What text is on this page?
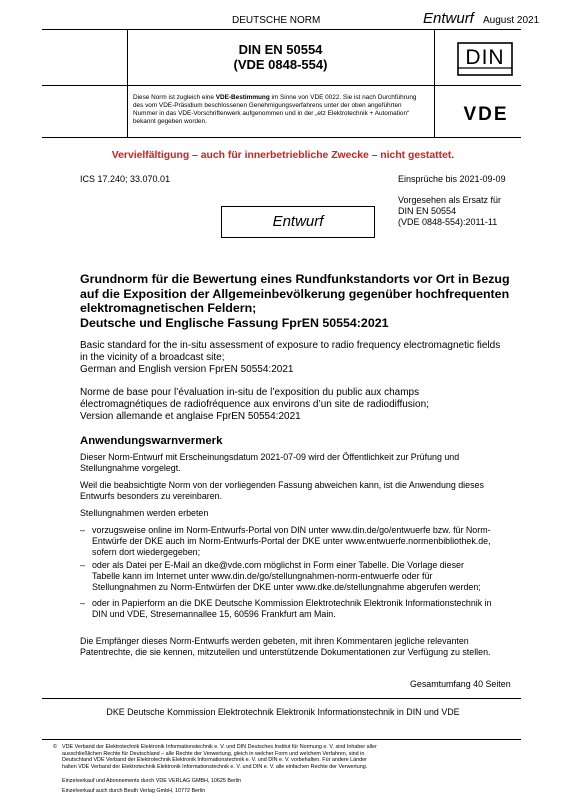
DEUTSCHE NORM	Entwurf August 2021
DIN EN 50554
(VDE 0848-554)	DIN
Diese Norm ist zugleich eine VDE-Bestimmung im Sinne von VDE 0022. Sie ist nach Durchführung des vom VDE-Präsidium beschlossenen Genehmigungsverfahrens unter der oben angeführten Nummer in das VDE-Vorschriftenwerk aufgenommen und in der „etz Elektrotechnik + Automation“ bekannt gegeben worden.	VDE
Vervielfältigung – auch für innerbetriebliche Zwecke – nicht gestattet.
ICS 17.240; 33.070.01	Einsprüche bis 2021-09-09
Vorgesehen als Ersatz für
DIN EN 50554
(VDE 0848-554):2011-11
Entwurf
Grundnorm für die Bewertung eines Rundfunkstandorts vor Ort in Bezug
auf die Exposition der Allgemeinbevölkerung gegenüber hochfrequenten
elektromagnetischen Feldern;
Deutsche und Englische Fassung FprEN 50554:2021
Basic standard for the in-situ assessment of exposure to radio frequency electromagnetic fields
in the vicinity of a broadcast site;
German and English version FprEN 50554:2021
Norme de base pour l’évaluation in-situ de l’exposition du public aux champs
électromagnétiques de radiofréquence aux environs d’un site de radiodiffusion;
Version allemande et anglaise FprEN 50554:2021
Anwendungswarnvermerk
Dieser Norm-Entwurf mit Erscheinungsdatum 2021-07-09 wird der Öffentlichkeit zur Prüfung und
Stellungnahme vorgelegt.
Weil die beabsichtigte Norm von der vorliegenden Fassung abweichen kann, ist die Anwendung dieses
Entwurfs besonders zu vereinbaren.
Stellungnahmen werden erbeten
– vorzugsweise online im Norm-Entwurfs-Portal von DIN unter www.din.de/go/entwuerfe bzw. für Norm-
Entwürfe der DKE auch im Norm-Entwurfs-Portal der DKE unter www.entwuerfe.normenbibliothek.de,
sofern dort wiedergegeben;
– oder als Datei per E-Mail an dke@vde.com möglichst in Form einer Tabelle. Die Vorlage dieser
Tabelle kann im Internet unter www.din.de/go/stellungnahmen-norm-entwuerfe oder für
Stellungnahmen zu Norm-Entwürfen der DKE unter www.dke.de/stellungnahme abgerufen werden;
– oder in Papierform an die DKE Deutsche Kommission Elektrotechnik Elektronik Informationstechnik in
DIN und VDE, Stresemannallee 15, 60596 Frankfurt am Main.
Die Empfänger dieses Norm-Entwurfs werden gebeten, mit ihren Kommentaren jegliche relevanten
Patentrechte, die sie kennen, mitzuteilen und unterstützende Dokumentationen zur Verfügung zu stellen.
Gesamtumfang 40 Seiten
DKE Deutsche Kommission Elektrotechnik Elektronik Informationstechnik in DIN und VDE
© VDE Verband der Elektrotechnik Elektronik Informationstechnik e. V. und DIN Deutsches Institut für Normung e. V. sind Inhaber aller
ausschließlichen Rechte für Deutschland – alle Rechte der Verwertung, gleich in welcher Form und welchem Verfahren, sind in
Deutschland VDE Verband der Elektrotechnik Elektronik Informationstechnik e. V. und DIN e. V. vorbehalten. Für andere Länder
halten VDE Verband der Elektrotechnik Elektronik Informationstechnik e. V. und DIN e. V. alle einfachen Rechte der Verwertung.
Einzelverkauf und Abonnements durch VDE VERLAG GMBH, 10625 Berlin
Einzelverkauf auch durch Beuth Verlag GmbH, 10772 Berlin
